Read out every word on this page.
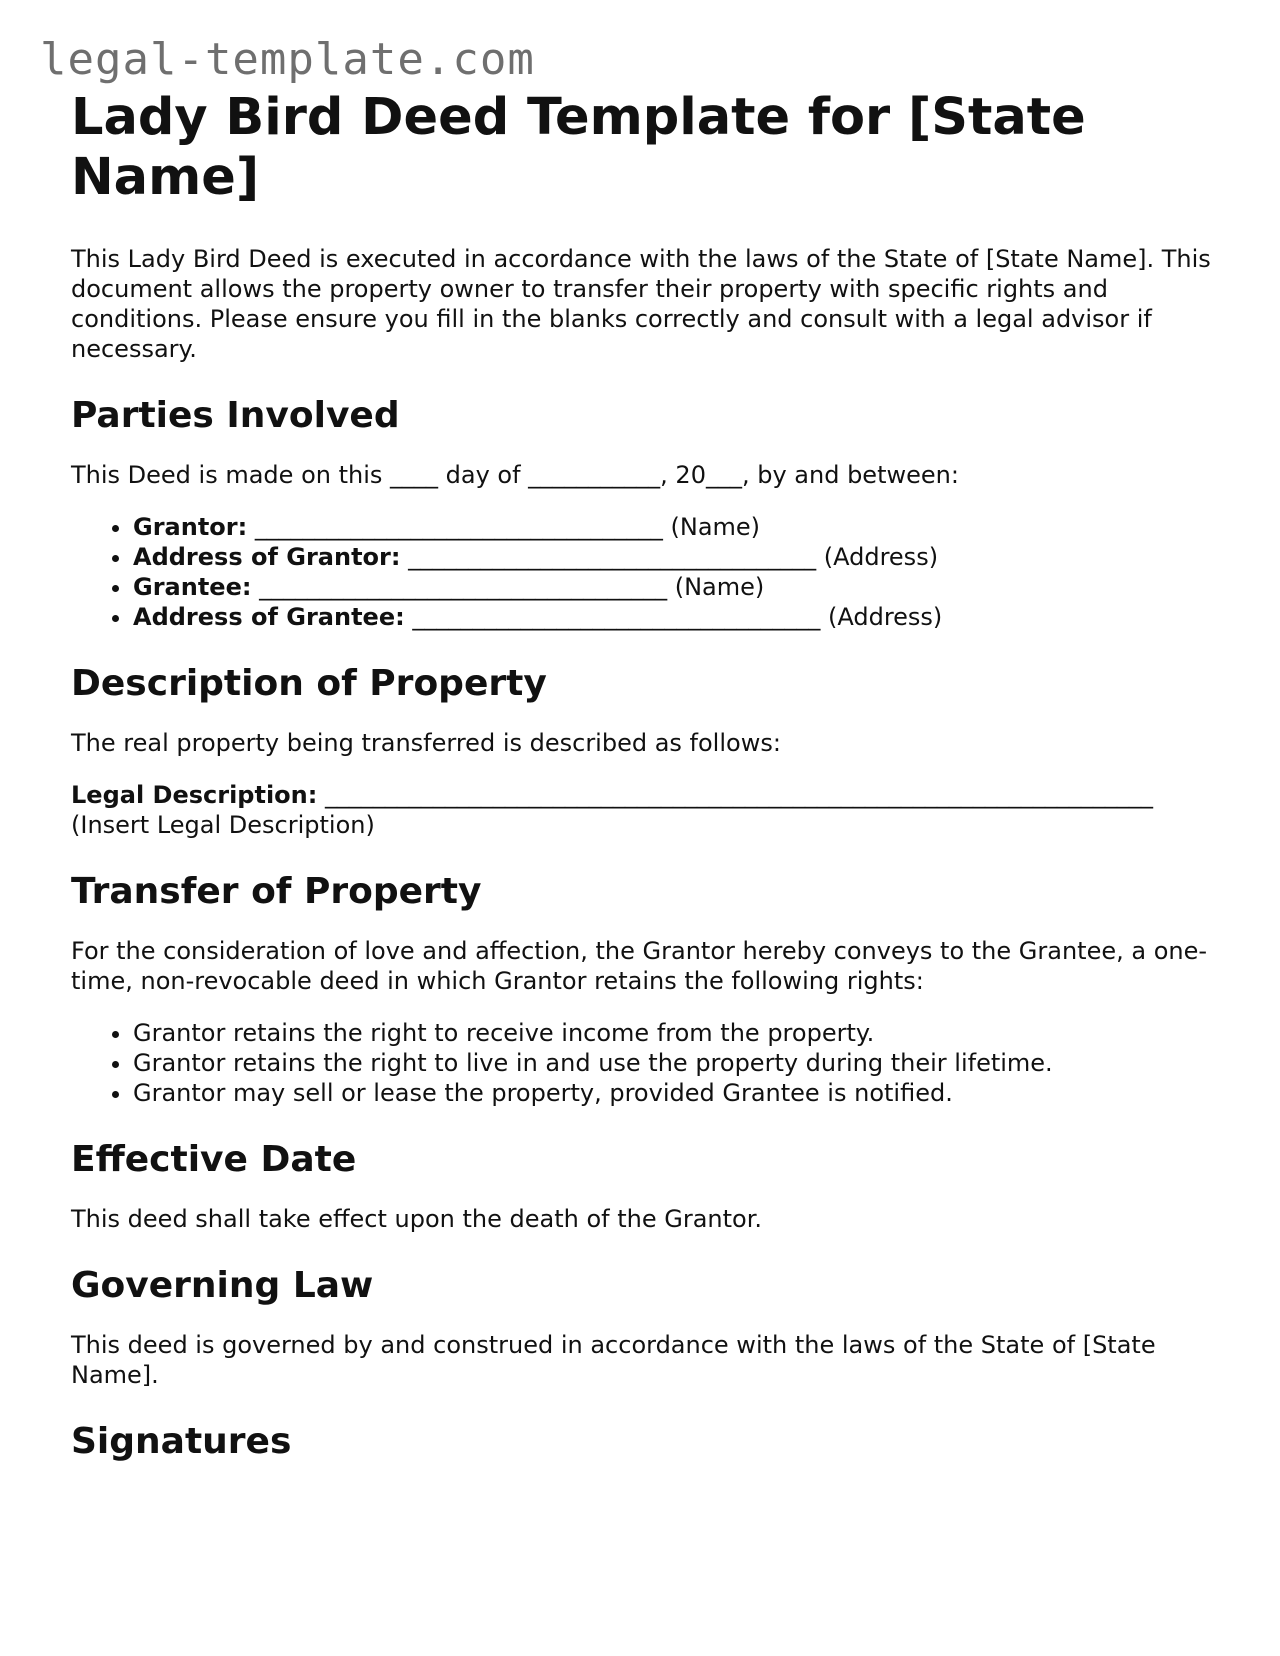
legal-template.com
Lady Bird Deed Template for [State Name]

This Lady Bird Deed is executed in accordance with the laws of the State of [State Name]. This document allows the property owner to transfer their property with specific rights and conditions. Please ensure you fill in the blanks correctly and consult with a legal advisor if necessary.

Parties Involved

This Deed is made on this ____ day of ___________, 20___, by and between:

• Grantor: __________________________________ (Name)
• Address of Grantor: __________________________________ (Address)
• Grantee: __________________________________ (Name)
• Address of Grantee: __________________________________ (Address)
Description of Property

The real property being transferred is described as follows:

Legal Description: _____________________________________________________________________
(Insert Legal Description)

Transfer of Property

For the consideration of love and affection, the Grantor hereby conveys to the Grantee, a one-time, non-revocable deed in which Grantor retains the following rights:

• Grantor retains the right to receive income from the property.
• Grantor retains the right to live in and use the property during their lifetime.
• Grantor may sell or lease the property, provided Grantee is notified.
Effective Date

This deed shall take effect upon the death of the Grantor.

Governing Law

This deed is governed by and construed in accordance with the laws of the State of [State Name].

Signatures
